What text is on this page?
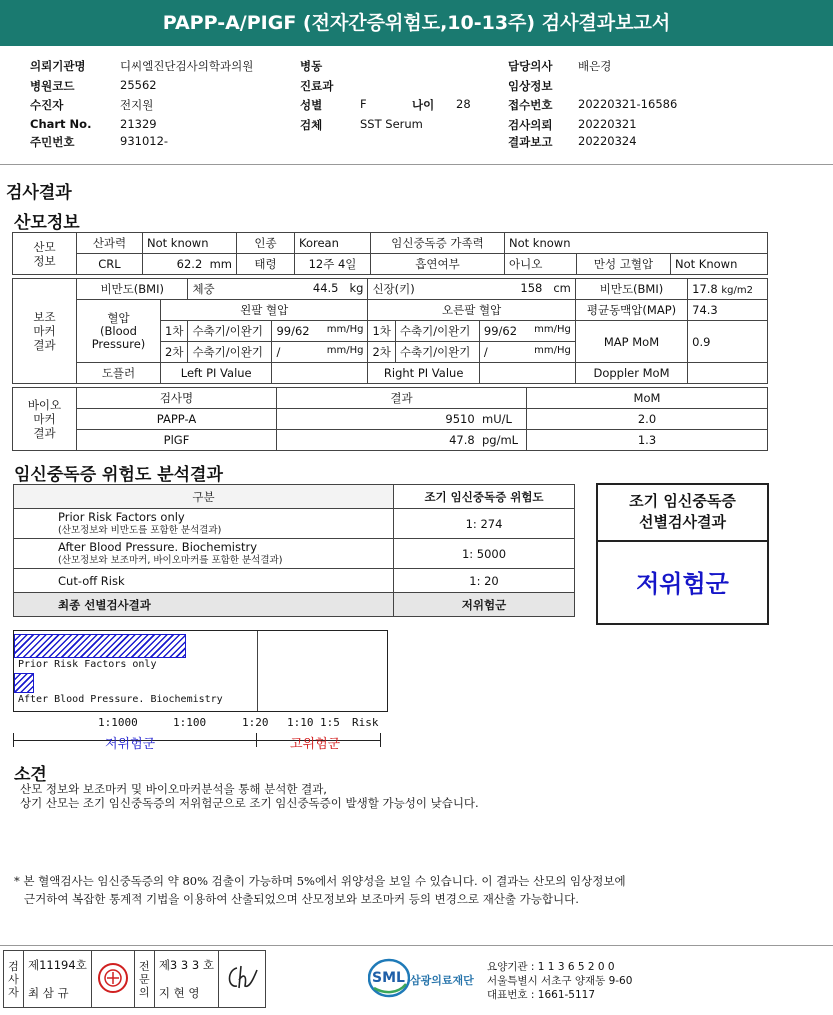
PAPP-A/PIGF (전자간증위험도,10-13주) 검사결과보고서
의뢰기관명	디씨엘진단검사의학과의원
병원코드	25562
수진자	전지원
Chart No. 21329
주민번호	931012-
병동
진료과
성별	F	나이 28
검체	SST Serum
담당의사 배은경
임상정보
접수번호 20220321-16586
검사의뢰 20220321
결과보고 20220324
검사결과
산모정보
산모
정보	산과력	Not known	인종	Korean	임신중독증 가족력	Not known		
	CRL	62.2 mm	태령	12주 4일	흡연여부	아니오	만성 고혈압	Not Known
보조
마커
결과	비만도(BMI)		체중 44.5 kg		신장(키) 158 cm			비만도(BMI)	17.8 kg/m2
	혈압
(Blood
Pressure)	왼팔 혈압			오른팔 혈압			평균동맥압(MAP)	74.3
		1차	수축기/이완기	99/62 mm/Hg	1차	수축기/이완기	99/62 mm/Hg	MAP MoM	0.9
		2차	수축기/이완기	/ mm/Hg	2차	수축기/이완기	/ mm/Hg		

	도플러	Left PI Value			Right PI Value			Doppler MoM	
바이오
마커
결과	검사명	결과	MoM
	PAPP-A	9510 mU/L	2.0
	PlGF	47.8 pg/mL	1.3
임신중독증 위험도 분석결과
구분	조기 임신중독증 위험도

Prior Risk Factors only
(산모정보와 비만도를 포함한 분석결과)	1: 274

After Blood Pressure. Biochemistry
(산모정보와 보조마커, 바이오마커를 포함한 분석결과)	1: 5000
Cut-off Risk	1: 20
최종 선별검사결과	저위험군
조기 임신중독증
선별검사결과
저위험군
Prior Risk Factors only
After Blood Pressure. Biochemistry
1:1000	1:100	1:20 1:10 1:5 Risk
저위험군	고위험군
소견
산모 정보와 보조마커 및 바이오마커분석을 통해 분석한 결과,
상기 산모는 조기 임신중독증의 저위험군으로 조기 임신중독증이 발생할 가능성이 낮습니다.
* 본 혈액검사는 임신중독증의 약 80% 검출이 가능하며 5%에서 위양성을 보일 수 있습니다. 이 결과는 산모의 임상정보에
근거하여 복잡한 통계적 기법을 이용하여 산출되었으며 산모정보와 보조마커 등의 변경으로 재산출 가능합니다.
검
사
자	제11194호		전
문
의	제3 3 3 호	
	최 삼 규			지 현 영	
SML 삼광의료재단
요양기관 : 1 1 3 6 5 2 0 0
서울특별시 서초구 양재동 9-60
대표번호 : 1661-5117
